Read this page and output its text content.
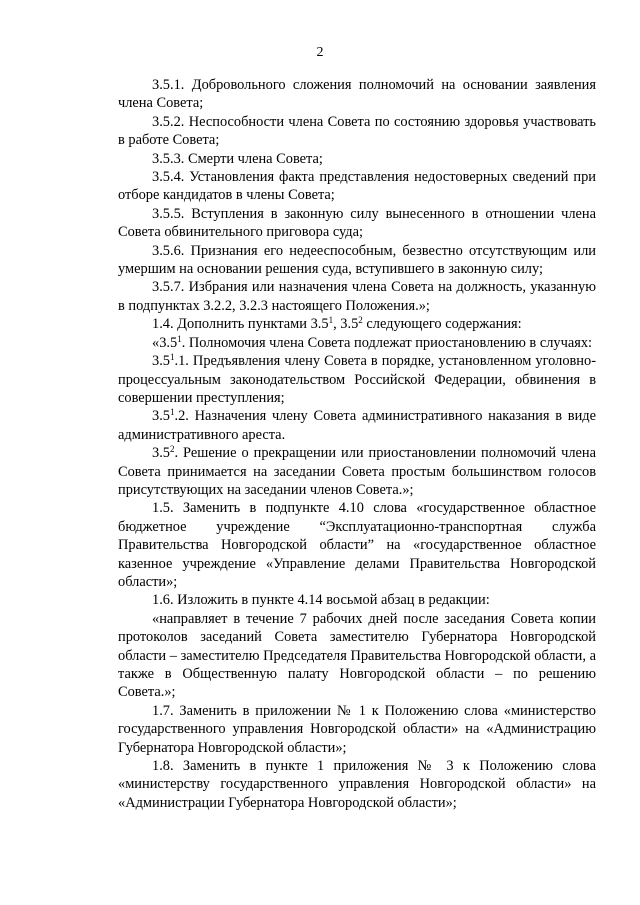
2

3.5.1. Добровольного сложения полномочий на основании заявления члена Совета;

3.5.2. Неспособности члена Совета по состоянию здоровья участвовать в работе Совета;

3.5.3. Смерти члена Совета;

3.5.4. Установления факта представления недостоверных сведений при отборе кандидатов в члены Совета;

3.5.5. Вступления в законную силу вынесенного в отношении члена Совета обвинительного приговора суда;

3.5.6. Признания его недееспособным, безвестно отсутствующим или умершим на основании решения суда, вступившего в законную силу;

3.5.7. Избрания или назначения члена Совета на должность, указанную в подпунктах 3.2.2, 3.2.3 настоящего Положения.»;

1.4. Дополнить пунктами $3.5^1$, $3.5^2$ следующего содержания:

«$3.5^1$. Полномочия члена Совета подлежат приостановлению в случаях:

$3.5^1.1$. Предъявления члену Совета в порядке, установленном уголовно-процессуальным законодательством Российской Федерации, обвинения в совершении преступления;

$3.5^1.2$. Назначения члену Совета административного наказания в виде административного ареста.

$3.5^2$. Решение о прекращении или приостановлении полномочий члена Совета принимается на заседании Совета простым большинством голосов присутствующих на заседании членов Совета.»;

1.5. Заменить в подпункте 4.10 слова «государственное областное бюджетное учреждение “Эксплуатационно-транспортная служба Правительства Новгородской области” на «государственное областное казенное учреждение «Управление делами Правительства Новгородской области»;

1.6. Изложить в пункте 4.14 восьмой абзац в редакции:

«направляет в течение 7 рабочих дней после заседания Совета копии протоколов заседаний Совета заместителю Губернатора Новгородской области – заместителю Председателя Правительства Новгородской области, а также в Общественную палату Новгородской области – по решению Совета.»;

1.7. Заменить в приложении № 1 к Положению слова «министерство государственного управления Новгородской области» на «Администрацию Губернатора Новгородской области»;

1.8. Заменить в пункте 1 приложения № 3 к Положению слова «министерству государственного управления Новгородской области» на «Администрации Губернатора Новгородской области»;
